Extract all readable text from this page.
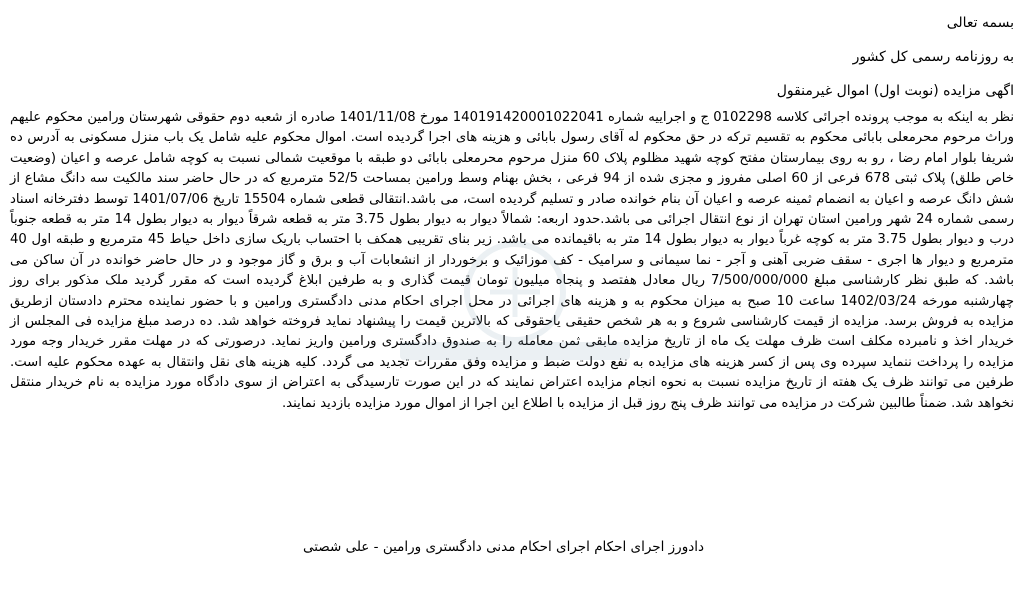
بسمه تعالی

به روزنامه رسمی کل کشور

اگهی مزایده (نوبت اول) اموال غیرمنقول

نظر به اینکه به موجب پرونده اجرائی کلاسه 0102298 ج و اجراییه شماره 140191420001022041 مورخ 1401/11/08 صادره از شعبه دوم حقوقی شهرستان ورامین محکوم علیهم وراث مرحوم محرمعلی بابائی محکوم به تقسیم ترکه در حق محکوم له آقای رسول بابائی و هزینه های اجرا گردیده است. اموال محکوم علیه شامل یک باب منزل مسکونی به آدرس ده شریفا بلوار امام رضا ، رو به روی بیمارستان مفتح کوچه شهید مظلوم پلاک 60 منزل مرحوم محرمعلی بابائی دو طبقه با موقعیت شمالی نسبت به کوچه شامل عرصه و اعیان (وضعیت خاص طلق) پلاک ثبتی 678 فرعی از 60 اصلی مفروز و مجزی شده از 94 فرعی ، بخش بهنام وسط ورامین بمساحت 52/5 مترمربع که در حال حاضر سند مالکیت سه دانگ مشاع از شش دانگ عرصه و اعیان به انضمام ثمینه عرصه و اعیان آن بنام خوانده صادر و تسلیم گردیده است، می باشد.انتقالی قطعی شماره 15504 تاریخ 1401/07/06 توسط دفترخانه اسناد رسمی شماره 24 شهر ورامین استان تهران از نوع انتقال اجرائی می باشد.حدود اربعه: شمالاً دیوار به دیوار بطول 3.75 متر به قطعه شرقاً دیوار به دیوار بطول 14 متر به قطعه جنوباً درب و دیوار بطول 3.75 متر به کوچه غرباً دیوار به دیوار بطول 14 متر به باقیمانده می باشد. زیر بنای تقریبی همکف با احتساب باریک سازی داخل حیاط 45 مترمربع و طبقه اول 40 مترمربع و دیوار ها اجری - سقف ضربی آهنی و آجر - نما سیمانی و سرامیک - کف موزائیک و برخوردار از انشعابات آب و برق و گاز موجود و در حال حاضر خوانده در آن ساکن می باشد. که طبق نظر کارشناسی مبلغ 7/500/000/000 ریال معادل هفتصد و پنجاه میلیون تومان قیمت گذاری و به طرفین ابلاغ گردیده است که مقرر گردید ملک مذکور برای روز چهارشنبه مورخه 1402/03/24 ساعت 10 صبح به میزان محکوم به و هزینه های اجرائی در محل اجرای احکام مدنی دادگستری ورامین و با حضور نماینده محترم دادستان ازطریق مزایده به فروش برسد. مزایده از قیمت کارشناسی شروع و به هر شخص حقیقی یاحقوقی که بالاترین قیمت را پیشنهاد نماید فروخته خواهد شد. ده درصد مبلغ مزایده فی المجلس از خریدار اخذ و نامبرده مکلف است ظرف مهلت یک ماه از تاریخ مزایده مابقی ثمن معامله را به صندوق دادگستری ورامین واریز نماید. درصورتی که در مهلت مقرر خریدار وجه مورد مزایده را پرداخت ننماید سپرده وی پس از کسر هزینه های مزایده به نفع دولت ضبط و مزایده وفق مقررات تجدید می گردد. کلیه هزینه های نقل وانتقال به عهده محکوم علیه است. طرفین می توانند ظرف یک هفته از تاریخ مزایده نسبت به نحوه انجام مزایده اعتراض نمایند که در این صورت تارسیدگی به اعتراض از سوی دادگاه مورد مزایده به نام خریدار منتقل نخواهد شد. ضمناً طالبین شرکت در مزایده می توانند ظرف پنج روز قبل از مزایده با اطلاع این اجرا از اموال مورد مزایده بازدید نمایند.

دادورز اجرای احکام اجرای احکام مدنی دادگستری ورامین - علی شصتی
